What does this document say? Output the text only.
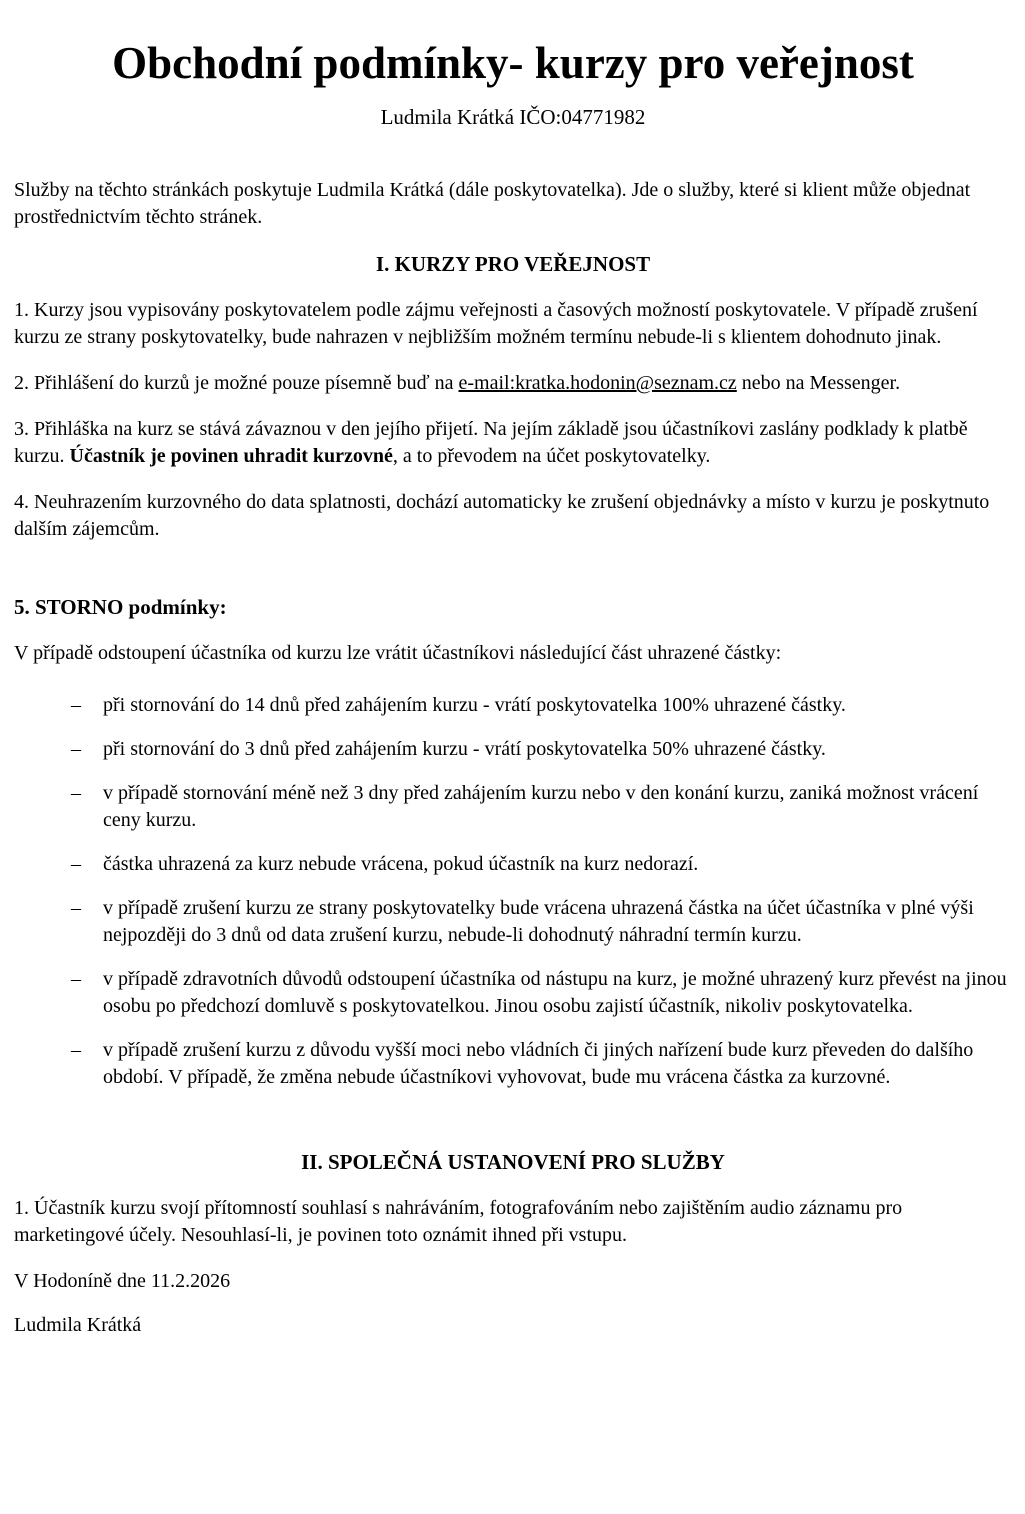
Obchodní podmínky- kurzy pro veřejnost
Ludmila Krátká IČO:04771982

Služby na těchto stránkách poskytuje Ludmila Krátká (dále poskytovatelka). Jde o služby, které si klient může objednat prostřednictvím těchto stránek.

I. KURZY PRO VEŘEJNOST

1. Kurzy jsou vypisovány poskytovatelem podle zájmu veřejnosti a časových možností poskytovatele. V případě zrušení kurzu ze strany poskytovatelky, bude nahrazen v nejbližším možném termínu nebude-li s klientem dohodnuto jinak.

2. Přihlášení do kurzů je možné pouze písemně buď na e-mail:kratka.hodonin@seznam.cz nebo na Messenger.

3. Přihláška na kurz se stává závaznou v den jejího přijetí. Na jejím základě jsou účastníkovi zaslány podklady k platbě kurzu. Účastník je povinen uhradit kurzovné, a to převodem na účet poskytovatelky.

4. Neuhrazením kurzovného do data splatnosti, dochází automaticky ke zrušení objednávky a místo v kurzu je poskytnuto dalším zájemcům.

5. STORNO podmínky:

V případě odstoupení účastníka od kurzu lze vrátit účastníkovi následující část uhrazené částky:

–	při stornování do 14 dnů před zahájením kurzu - vrátí poskytovatelka 100% uhrazené částky.
–	při stornování do 3 dnů před zahájením kurzu - vrátí poskytovatelka 50% uhrazené částky.
–	v případě stornování méně než 3 dny před zahájením kurzu nebo v den konání kurzu, zaniká možnost vrácení ceny kurzu.
–	částka uhrazená za kurz nebude vrácena, pokud účastník na kurz nedorazí.
–	v případě zrušení kurzu ze strany poskytovatelky bude vrácena uhrazená částka na účet účastníka v plné výši nejpozději do 3 dnů od data zrušení kurzu, nebude-li dohodnutý náhradní termín kurzu.
–	v případě zdravotních důvodů odstoupení účastníka od nástupu na kurz, je možné uhrazený kurz převést na jinou osobu po předchozí domluvě s poskytovatelkou. Jinou osobu zajistí účastník, nikoliv poskytovatelka.
–	v případě zrušení kurzu z důvodu vyšší moci nebo vládních či jiných nařízení bude kurz převeden do dalšího období. V případě, že změna nebude účastníkovi vyhovovat, bude mu vrácena částka za kurzovné.
II. SPOLEČNÁ USTANOVENÍ PRO SLUŽBY

1. Účastník kurzu svojí přítomností souhlasí s nahráváním, fotografováním nebo zajištěním audio záznamu pro marketingové účely. Nesouhlasí-li, je povinen toto oznámit ihned při vstupu.

V Hodoníně dne 11.2.2026

Ludmila Krátká
